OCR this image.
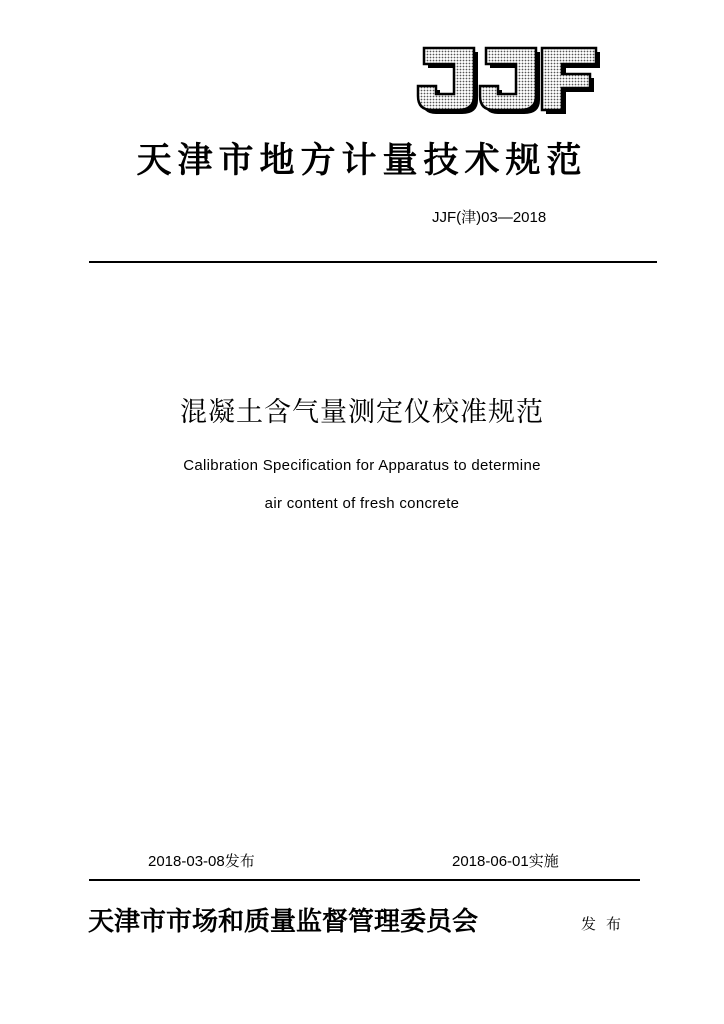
天津市地方计量技术规范
JJF(津)03—2018
混凝土含气量测定仪校准规范
Calibration Specification for Apparatus to determine
air content of fresh concrete
2018-03-08发布	2018-06-01实施
天津市市场和质量监督管理委员会	发布
